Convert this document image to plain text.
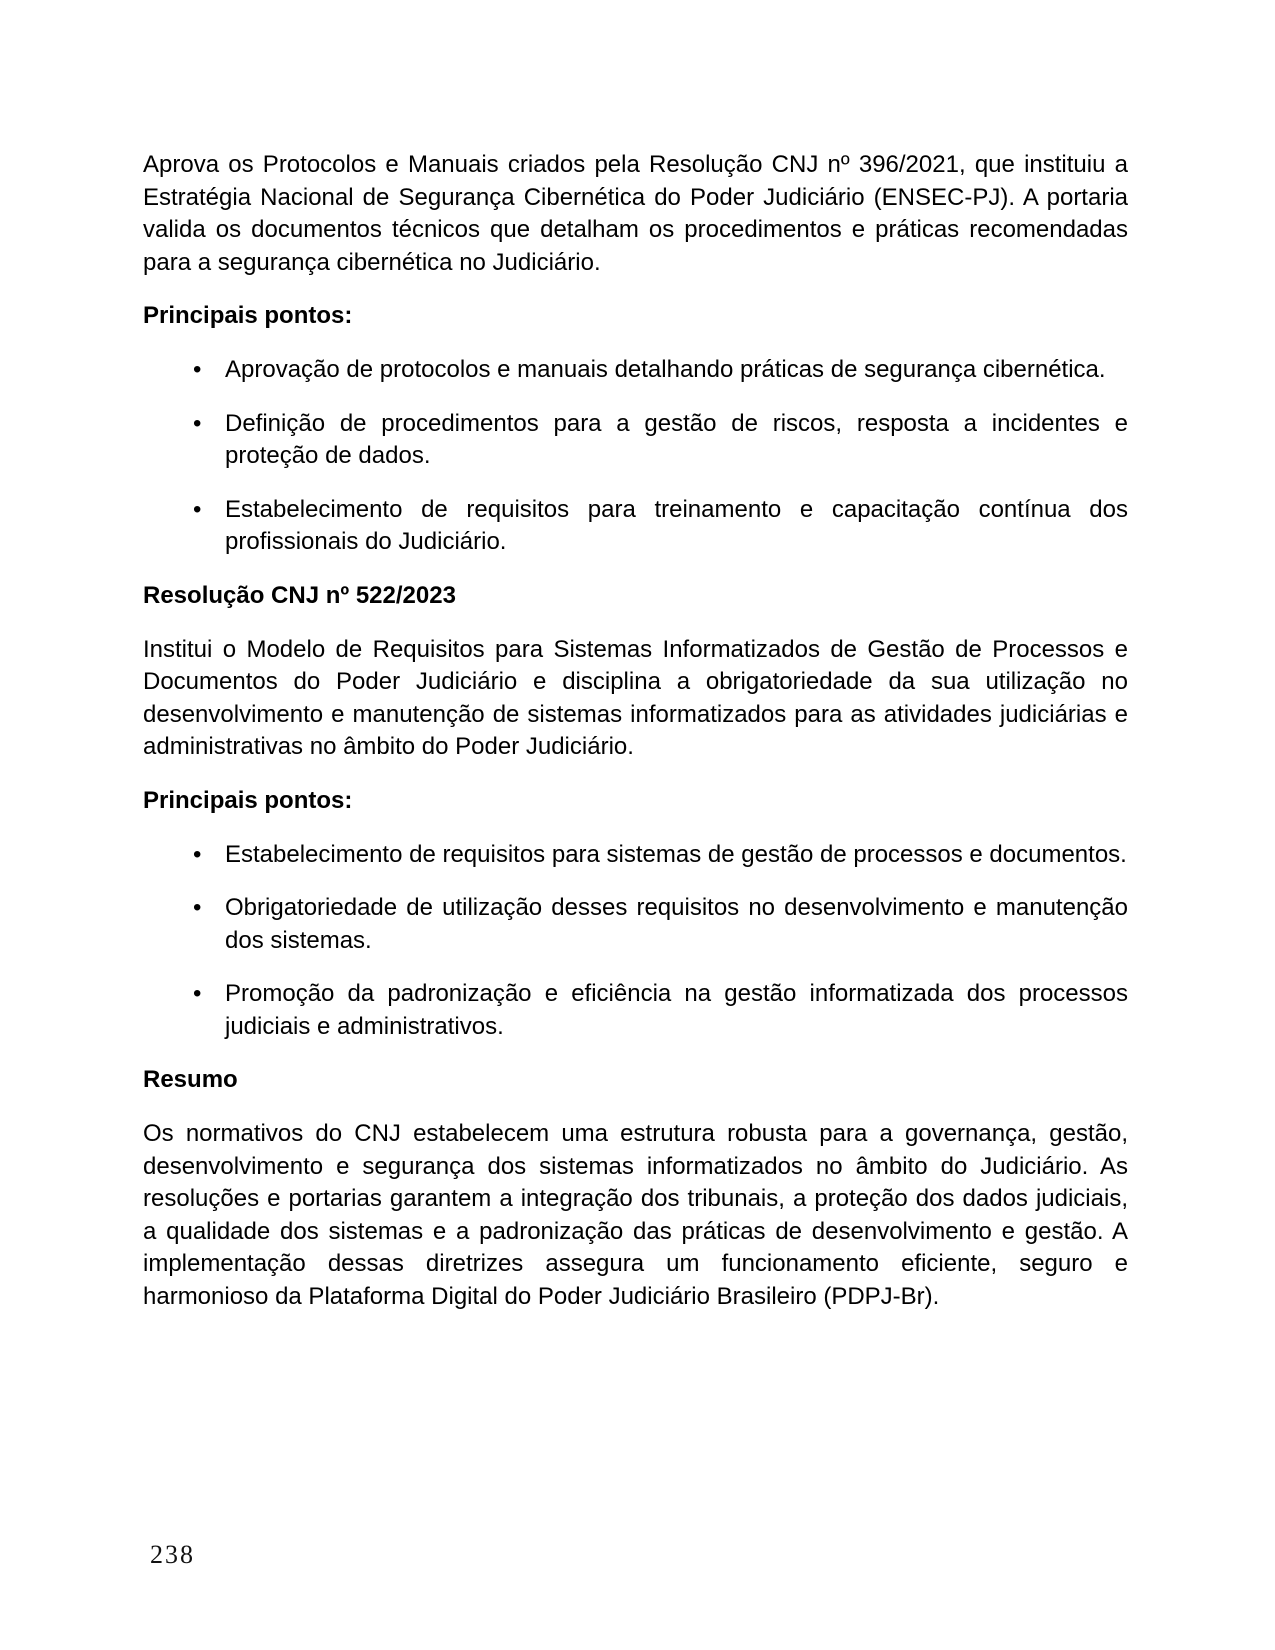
Aprova os Protocolos e Manuais criados pela Resolução CNJ nº 396/2021, que instituiu a Estratégia Nacional de Segurança Cibernética do Poder Judiciário (ENSEC-PJ). A portaria valida os documentos técnicos que detalham os procedimentos e práticas recomendadas para a segurança cibernética no Judiciário.

Principais pontos:

• Aprovação de protocolos e manuais detalhando práticas de segurança cibernética.
• Definição de procedimentos para a gestão de riscos, resposta a incidentes e proteção de dados.
• Estabelecimento de requisitos para treinamento e capacitação contínua dos profissionais do Judiciário.

Resolução CNJ nº 522/2023

Institui o Modelo de Requisitos para Sistemas Informatizados de Gestão de Processos e Documentos do Poder Judiciário e disciplina a obrigatoriedade da sua utilização no desenvolvimento e manutenção de sistemas informatizados para as atividades judiciárias e administrativas no âmbito do Poder Judiciário.

Principais pontos:

• Estabelecimento de requisitos para sistemas de gestão de processos e documentos.
• Obrigatoriedade de utilização desses requisitos no desenvolvimento e manutenção dos sistemas.
• Promoção da padronização e eficiência na gestão informatizada dos processos judiciais e administrativos.

Resumo

Os normativos do CNJ estabelecem uma estrutura robusta para a governança, gestão, desenvolvimento e segurança dos sistemas informatizados no âmbito do Judiciário. As resoluções e portarias garantem a integração dos tribunais, a proteção dos dados judiciais, a qualidade dos sistemas e a padronização das práticas de desenvolvimento e gestão. A implementação dessas diretrizes assegura um funcionamento eficiente, seguro e harmonioso da Plataforma Digital do Poder Judiciário Brasileiro (PDPJ-Br).

238
